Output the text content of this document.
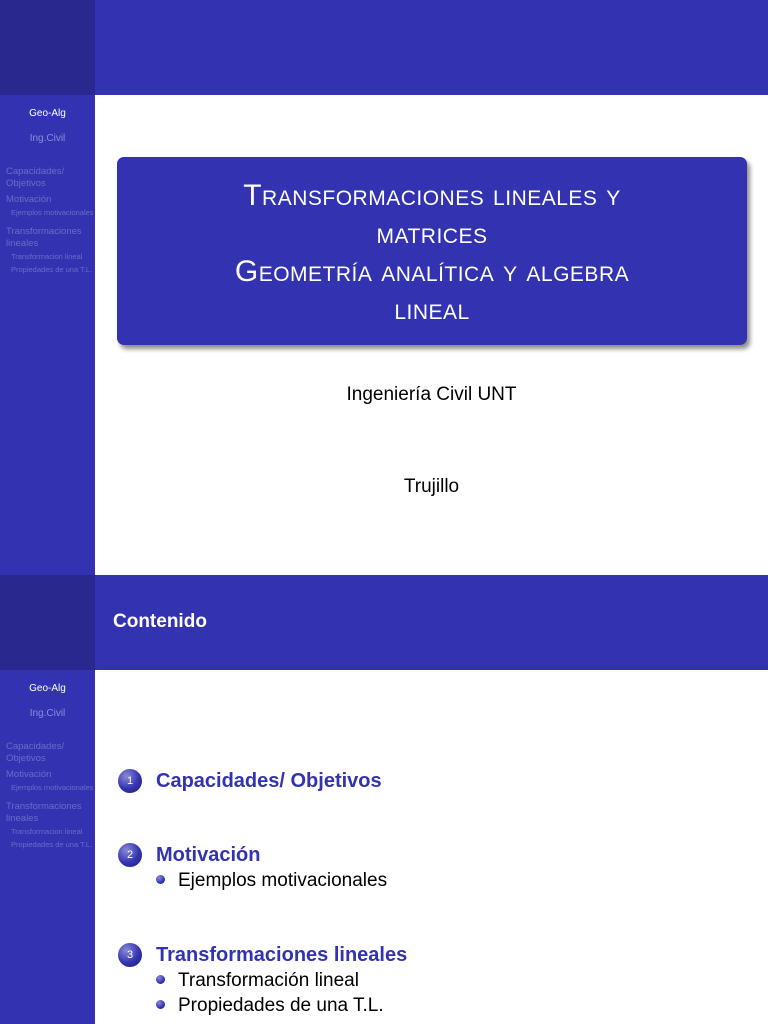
Geo-Alg
Ing.Civil
Capacidades/ Objetivos
Motivación
Ejemplos motivacionales
Transformaciones lineales
Transformacion lineal
Propiedades de una T.L.
Transformaciones lineales y
matrices
Geometría analítica y algebra
lineal
Ingeniería Civil UNT
Trujillo
Contenido
Geo-Alg
Ing.Civil
Capacidades/ Objetivos
Motivación
Ejemplos motivacionales
Transformaciones lineales
Transformacion lineal
Propiedades de una T.L.
1	Capacidades/ Objetivos
2	Motivación
Ejemplos motivacionales
3	Transformaciones lineales
Transformación lineal
Propiedades de una T.L.
